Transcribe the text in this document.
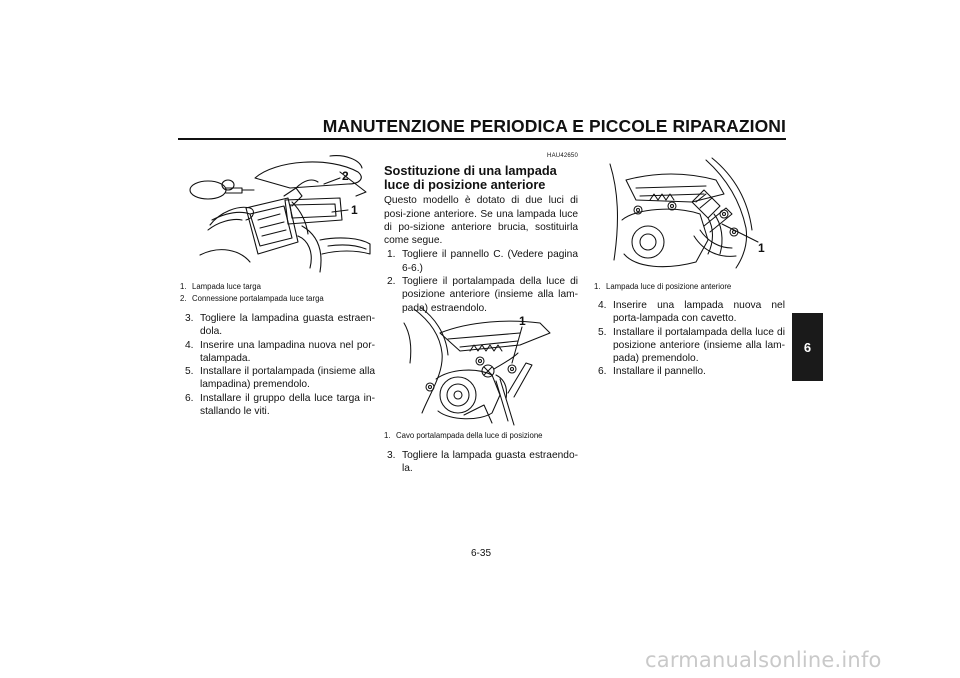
MANUTENZIONE PERIODICA E PICCOLE RIPARAZIONI
6
2
1
1. Lampada luce targa
2. Connessione portalampada luce targa
3. Togliere la lampadina guasta estraen-dola.
4. Inserire una lampadina nuova nel por-talampada.
5. Installare il portalampada (insieme alla lampadina) premendolo.
6. Installare il gruppo della luce targa in-stallando le viti.
HAU42650
Sostituzione di una lampada luce di posizione anteriore
Questo modello è dotato di due luci di posi-zione anteriore. Se una lampada luce di po-sizione anteriore brucia, sostituirla come segue.
1. Togliere il pannello C. (Vedere pagina 6-6.)
2. Togliere il portalampada della luce di posizione anteriore (insieme alla lam-pada) estraendolo.
1
1. Cavo portalampada della luce di posizione
3. Togliere la lampada guasta estraendo-la.
1
1. Lampada luce di posizione anteriore
4. Inserire una lampada nuova nel porta-lampada con cavetto.
5. Installare il portalampada della luce di posizione anteriore (insieme alla lam-pada) premendolo.
6. Installare il pannello.
6-35
carmanualsonline.info
